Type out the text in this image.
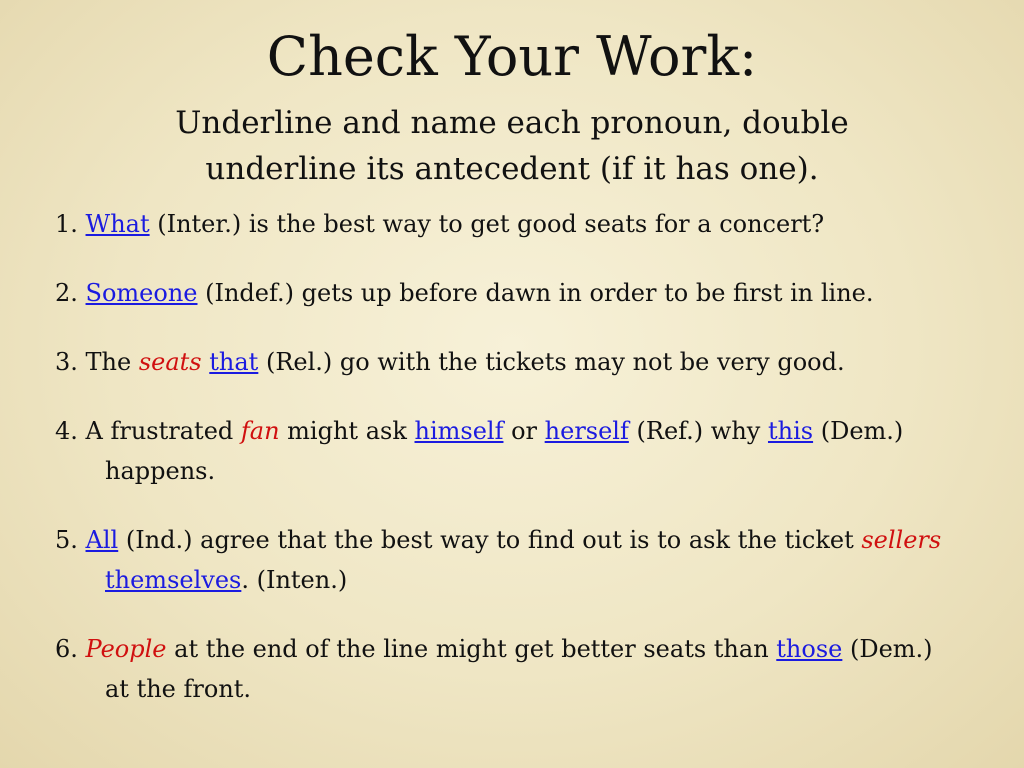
Check Your Work:
Underline and name each pronoun, double
underline its antecedent (if it has one).
1. What (Inter.) is the best way to get good seats for a concert?
2. Someone (Indef.) gets up before dawn in order to be first in line.
3. The seats that (Rel.) go with the tickets may not be very good.
4. A frustrated fan might ask himself or herself (Ref.) why this (Dem.)
happens.
5. All (Ind.) agree that the best way to find out is to ask the ticket sellers
themselves. (Inten.)
6. People at the end of the line might get better seats than those (Dem.)
at the front.
